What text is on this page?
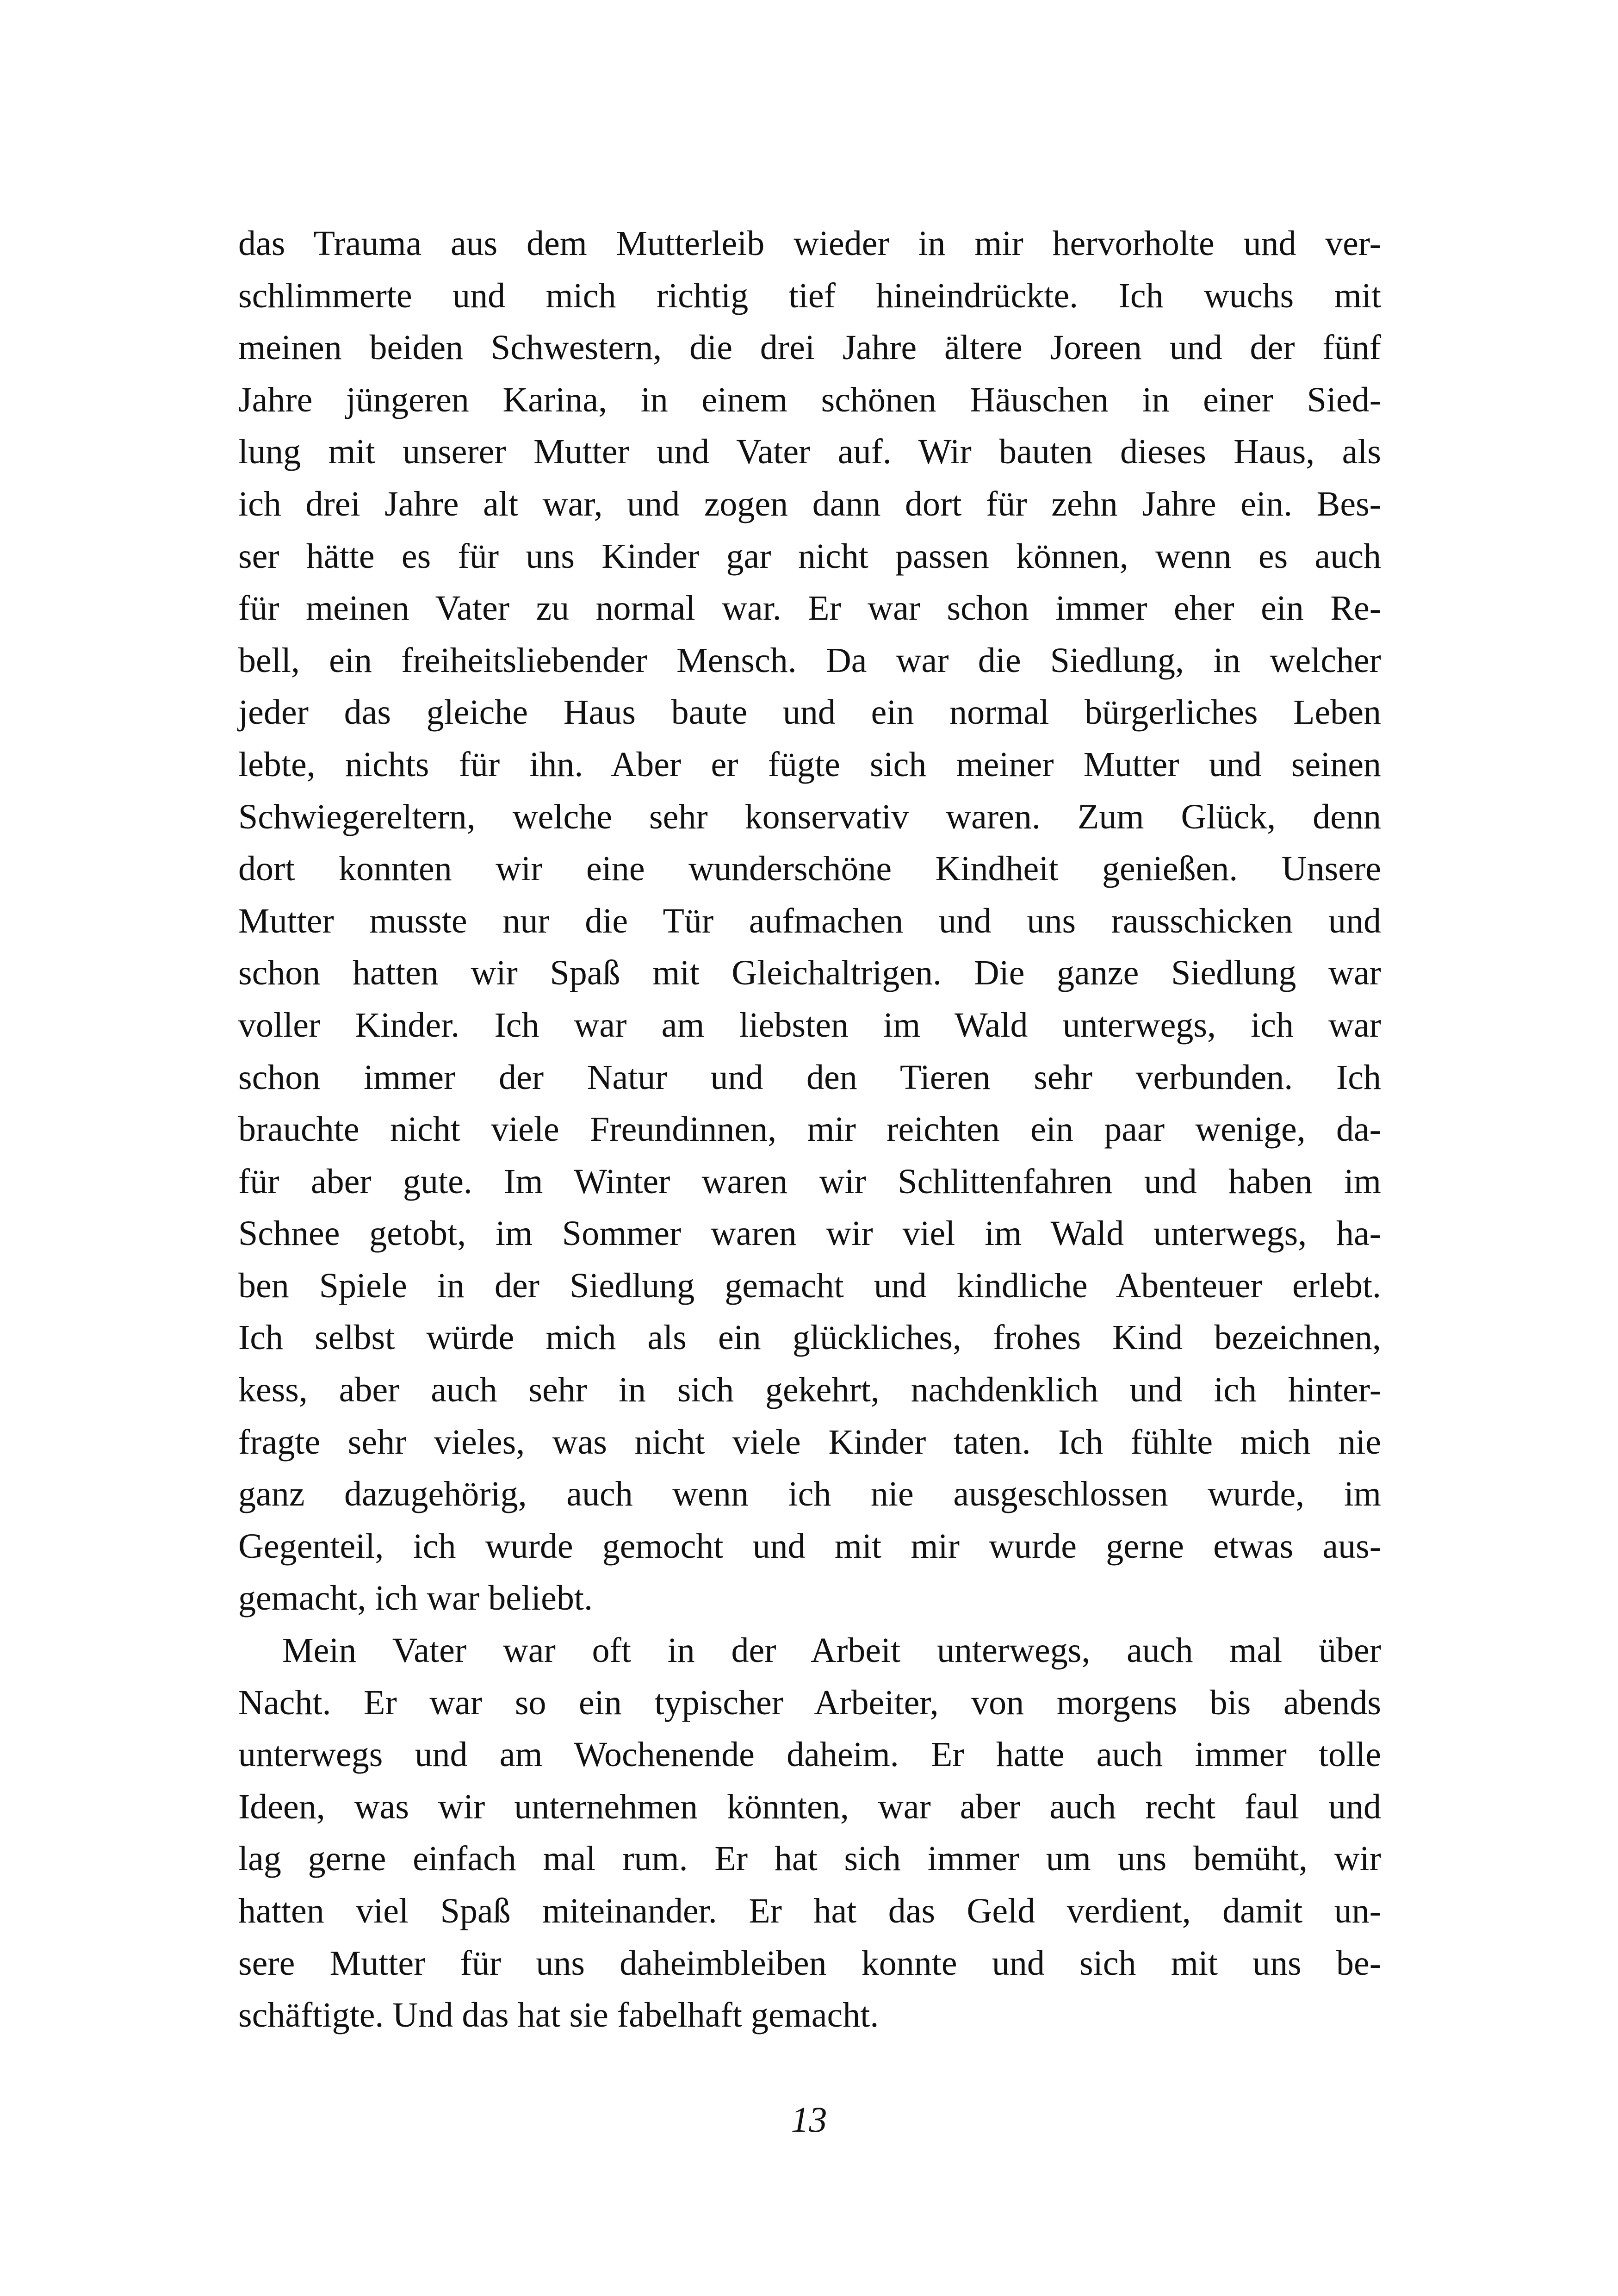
das Trauma aus dem Mutterleib wieder in mir hervorholte und ver-
schlimmerte und mich richtig tief hineindrückte. Ich wuchs mit
meinen beiden Schwestern, die drei Jahre ältere Joreen und der fünf
Jahre jüngeren Karina, in einem schönen Häuschen in einer Sied-
lung mit unserer Mutter und Vater auf. Wir bauten dieses Haus, als
ich drei Jahre alt war, und zogen dann dort für zehn Jahre ein. Bes-
ser hätte es für uns Kinder gar nicht passen können, wenn es auch
für meinen Vater zu normal war. Er war schon immer eher ein Re-
bell, ein freiheitsliebender Mensch. Da war die Siedlung, in welcher
jeder das gleiche Haus baute und ein normal bürgerliches Leben
lebte, nichts für ihn. Aber er fügte sich meiner Mutter und seinen
Schwiegereltern, welche sehr konservativ waren. Zum Glück, denn
dort konnten wir eine wunderschöne Kindheit genießen. Unsere
Mutter musste nur die Tür aufmachen und uns rausschicken und
schon hatten wir Spaß mit Gleichaltrigen. Die ganze Siedlung war
voller Kinder. Ich war am liebsten im Wald unterwegs, ich war
schon immer der Natur und den Tieren sehr verbunden. Ich
brauchte nicht viele Freundinnen, mir reichten ein paar wenige, da-
für aber gute. Im Winter waren wir Schlittenfahren und haben im
Schnee getobt, im Sommer waren wir viel im Wald unterwegs, ha-
ben Spiele in der Siedlung gemacht und kindliche Abenteuer erlebt.
Ich selbst würde mich als ein glückliches, frohes Kind bezeichnen,
kess, aber auch sehr in sich gekehrt, nachdenklich und ich hinter-
fragte sehr vieles, was nicht viele Kinder taten. Ich fühlte mich nie
ganz dazugehörig, auch wenn ich nie ausgeschlossen wurde, im
Gegenteil, ich wurde gemocht und mit mir wurde gerne etwas aus-
gemacht, ich war beliebt.
Mein Vater war oft in der Arbeit unterwegs, auch mal über
Nacht. Er war so ein typischer Arbeiter, von morgens bis abends
unterwegs und am Wochenende daheim. Er hatte auch immer tolle
Ideen, was wir unternehmen könnten, war aber auch recht faul und
lag gerne einfach mal rum. Er hat sich immer um uns bemüht, wir
hatten viel Spaß miteinander. Er hat das Geld verdient, damit un-
sere Mutter für uns daheimbleiben konnte und sich mit uns be-
schäftigte. Und das hat sie fabelhaft gemacht.
13
